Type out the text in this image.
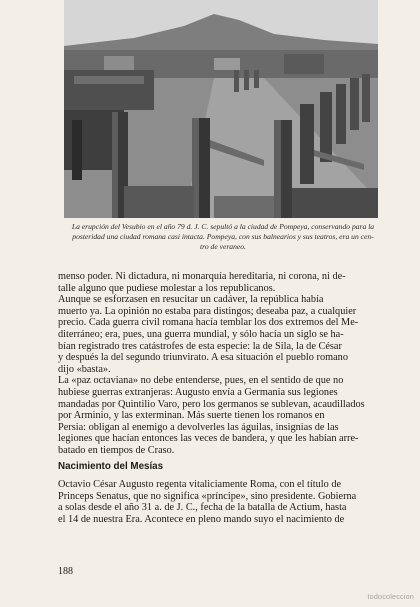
La erupción del Vesubio en el año 79 d. J. C. sepultó a la ciudad de Pompeya, conservando para la
posteridad una ciudad romana casi intacta. Pompeya, con sus balnearios y sus teatros, era un cen-
tro de veraneo.
menso poder. Ni dictadura, ni monarquía hereditaria, ni corona, ni de-
talle alguno que pudiese molestar a los republicanos.
Aunque se esforzasen en resucitar un cadáver, la república había
muerto ya. La opinión no estaba para distingos; deseaba paz, a cualquier
precio. Cada guerra civil romana hacía temblar los dos extremos del Me-
diterráneo; era, pues, una guerra mundial, y sólo hacía un siglo se ha-
bían registrado tres catástrofes de esta especie: la de Sila, la de César
y después la del segundo triunvirato. A esa situación el pueblo romano
dijo «basta».
La «paz octaviana» no debe entenderse, pues, en el sentido de que no
hubiese guerras extranjeras: Augusto envía a Germania sus legiones
mandadas por Quintilio Varo, pero los germanos se sublevan, acaudillados
por Arminio, y las exterminan. Más suerte tienen los romanos en
Persia: obligan al enemigo a devolverles las águilas, insignias de las
legiones que hacían entonces las veces de bandera, y que les habían arre-
batado en tiempos de Craso.
Nacimiento del Mesías
Octavio César Augusto regenta vitaliciamente Roma, con el título de
Princeps Senatus, que no significa «príncipe», sino presidente. Gobierna
a solas desde el año 31 a. de J. C., fecha de la batalla de Actium, hasta
el 14 de nuestra Era. Acontece en pleno mando suyo el nacimiento de
188
todocoleccion
